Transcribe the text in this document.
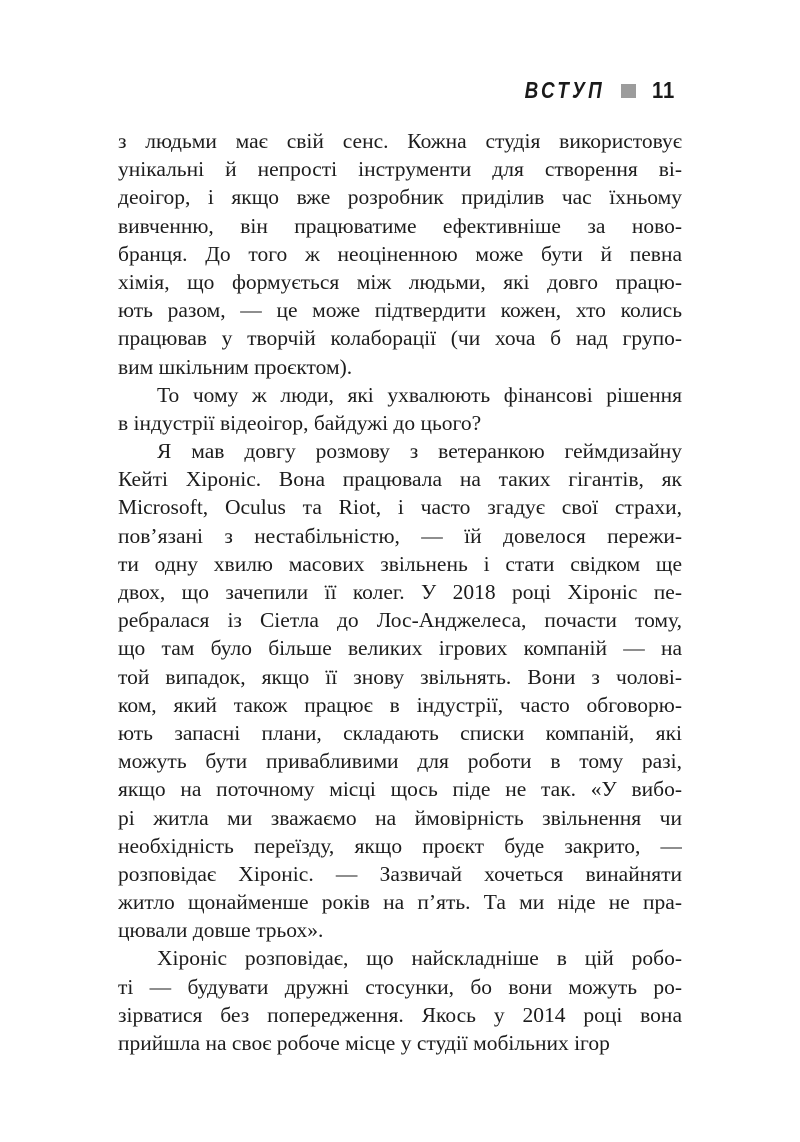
ВСТУП 11
з людьми має свій сенс. Кожна студія використовує
унікальні й непрості інструменти для створення ві-
деоігор, і якщо вже розробник приділив час їхньому
вивченню, він працюватиме ефективніше за ново-
бранця. До того ж неоціненною може бути й певна
хімія, що формується між людьми, які довго працю-
ють разом, — це може підтвердити кожен, хто колись
працював у творчій колаборації (чи хоча б над групо-
вим шкільним проєктом).
То чому ж люди, які ухвалюють фінансові рішення
в індустрії відеоігор, байдужі до цього?
Я мав довгу розмову з ветеранкою геймдизайну
Кейті Хіроніс. Вона працювала на таких гігантів, як
Microsoft, Oculus та Riot, і часто згадує свої страхи,
пов’язані з нестабільністю, — їй довелося пережи-
ти одну хвилю масових звільнень і стати свідком ще
двох, що зачепили її колег. У 2018 році Хіроніс пе-
ребралася із Сіетла до Лос-Анджелеса, почасти тому,
що там було більше великих ігрових компаній — на
той випадок, якщо її знову звільнять. Вони з чолові-
ком, який також працює в індустрії, часто обговорю-
ють запасні плани, складають списки компаній, які
можуть бути привабливими для роботи в тому разі,
якщо на поточному місці щось піде не так. «У вибо-
рі житла ми зважаємо на ймовірність звільнення чи
необхідність переїзду, якщо проєкт буде закрито, —
розповідає Хіроніс. — Зазвичай хочеться винайняти
житло щонайменше років на п’ять. Та ми ніде не пра-
цювали довше трьох».
Хіроніс розповідає, що найскладніше в цій робо-
ті — будувати дружні стосунки, бо вони можуть ро-
зірватися без попередження. Якось у 2014 році вона
прийшла на своє робоче місце у студії мобільних ігор
